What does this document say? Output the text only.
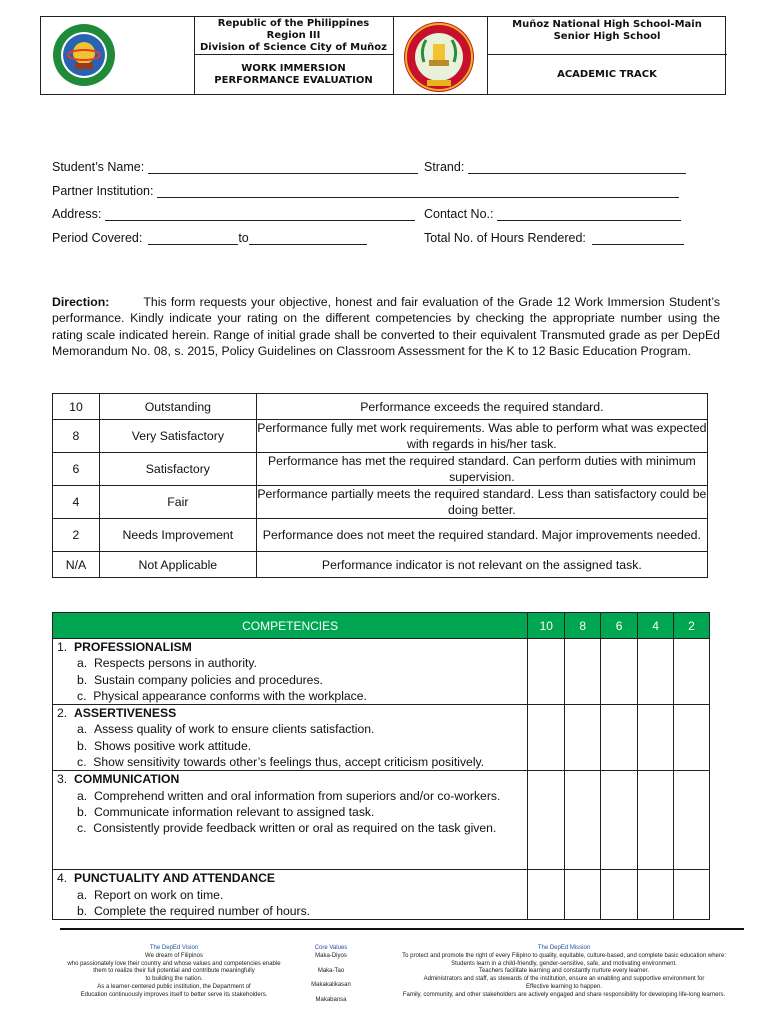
Republic of the Philippines
Region III
Division of Science City of Muñoz
WORK IMMERSION
PERFORMANCE EVALUATION
Muñoz National High School-Main
Senior High School
ACADEMIC TRACK
Student’s Name:	Strand:
Partner Institution:
Address:	Contact No.:
Period Covered:	to	Total No. of Hours Rendered:

Direction:	This form requests your objective, honest and fair evaluation of the Grade 12 Work Immersion Student’s performance. Kindly indicate your rating on the different competencies by checking the appropriate number using the rating scale indicated herein. Range of initial grade shall be converted to their equivalent Transmuted grade as per DepEd Memorandum No. 08, s. 2015, Policy Guidelines on Classroom Assessment for the K to 12 Basic Education Program.

10	Outstanding	Performance exceeds the required standard.
8	Very Satisfactory	Performance fully met work requirements. Was able to perform what was expected with regards in his/her task.
6	Satisfactory	Performance has met the required standard. Can perform duties with minimum supervision.
4	Fair	Performance partially meets the required standard. Less than satisfactory could be doing better.
2	Needs Improvement	Performance does not meet the required standard. Major improvements needed.
N/A	Not Applicable	Performance indicator is not relevant on the assigned task.
COMPETENCIES	10	8	6	4	2

1. PROFESSIONALISM
a. Respects persons in authority.
b. Sustain company policies and procedures.
c. Physical appearance conforms with the workplace.					

2. ASSERTIVENESS
a. Assess quality of work to ensure clients satisfaction.
b. Shows positive work attitude.
c. Show sensitivity towards other’s feelings thus, accept criticism positively.					

3. COMMUNICATION
a. Comprehend written and oral information from superiors and/or co-workers.
b. Communicate information relevant to assigned task.
c. Consistently provide feedback written or oral as required on the task given.					

4. PUNCTUALITY AND ATTENDANCE
a. Report on work on time.
b. Complete the required number of hours.					

The DepEd Vision
We dream of Filipinos
who passionately love their country and whose values and competencies enable
them to realize their full potential and contribute meaningfully
to building the nation.
As a learner-centered public institution, the Department of
Education continuously improves itself to better serve its stakeholders.
Core Values
Maka-Diyos
Maka-Tao
Makakalikasan
Makabansa
The DepEd Mission
To protect and promote the right of every Filipino to quality, equitable, culture-based, and complete basic education where:
Students learn in a child-friendly, gender-sensitive, safe, and motivating environment.
Teachers facilitate learning and constantly nurture every learner.
Administrators and staff, as stewards of the institution, ensure an enabling and supportive environment for
Effective learning to happen.
Family, community, and other stakeholders are actively engaged and share responsibility for developing life-long learners.
